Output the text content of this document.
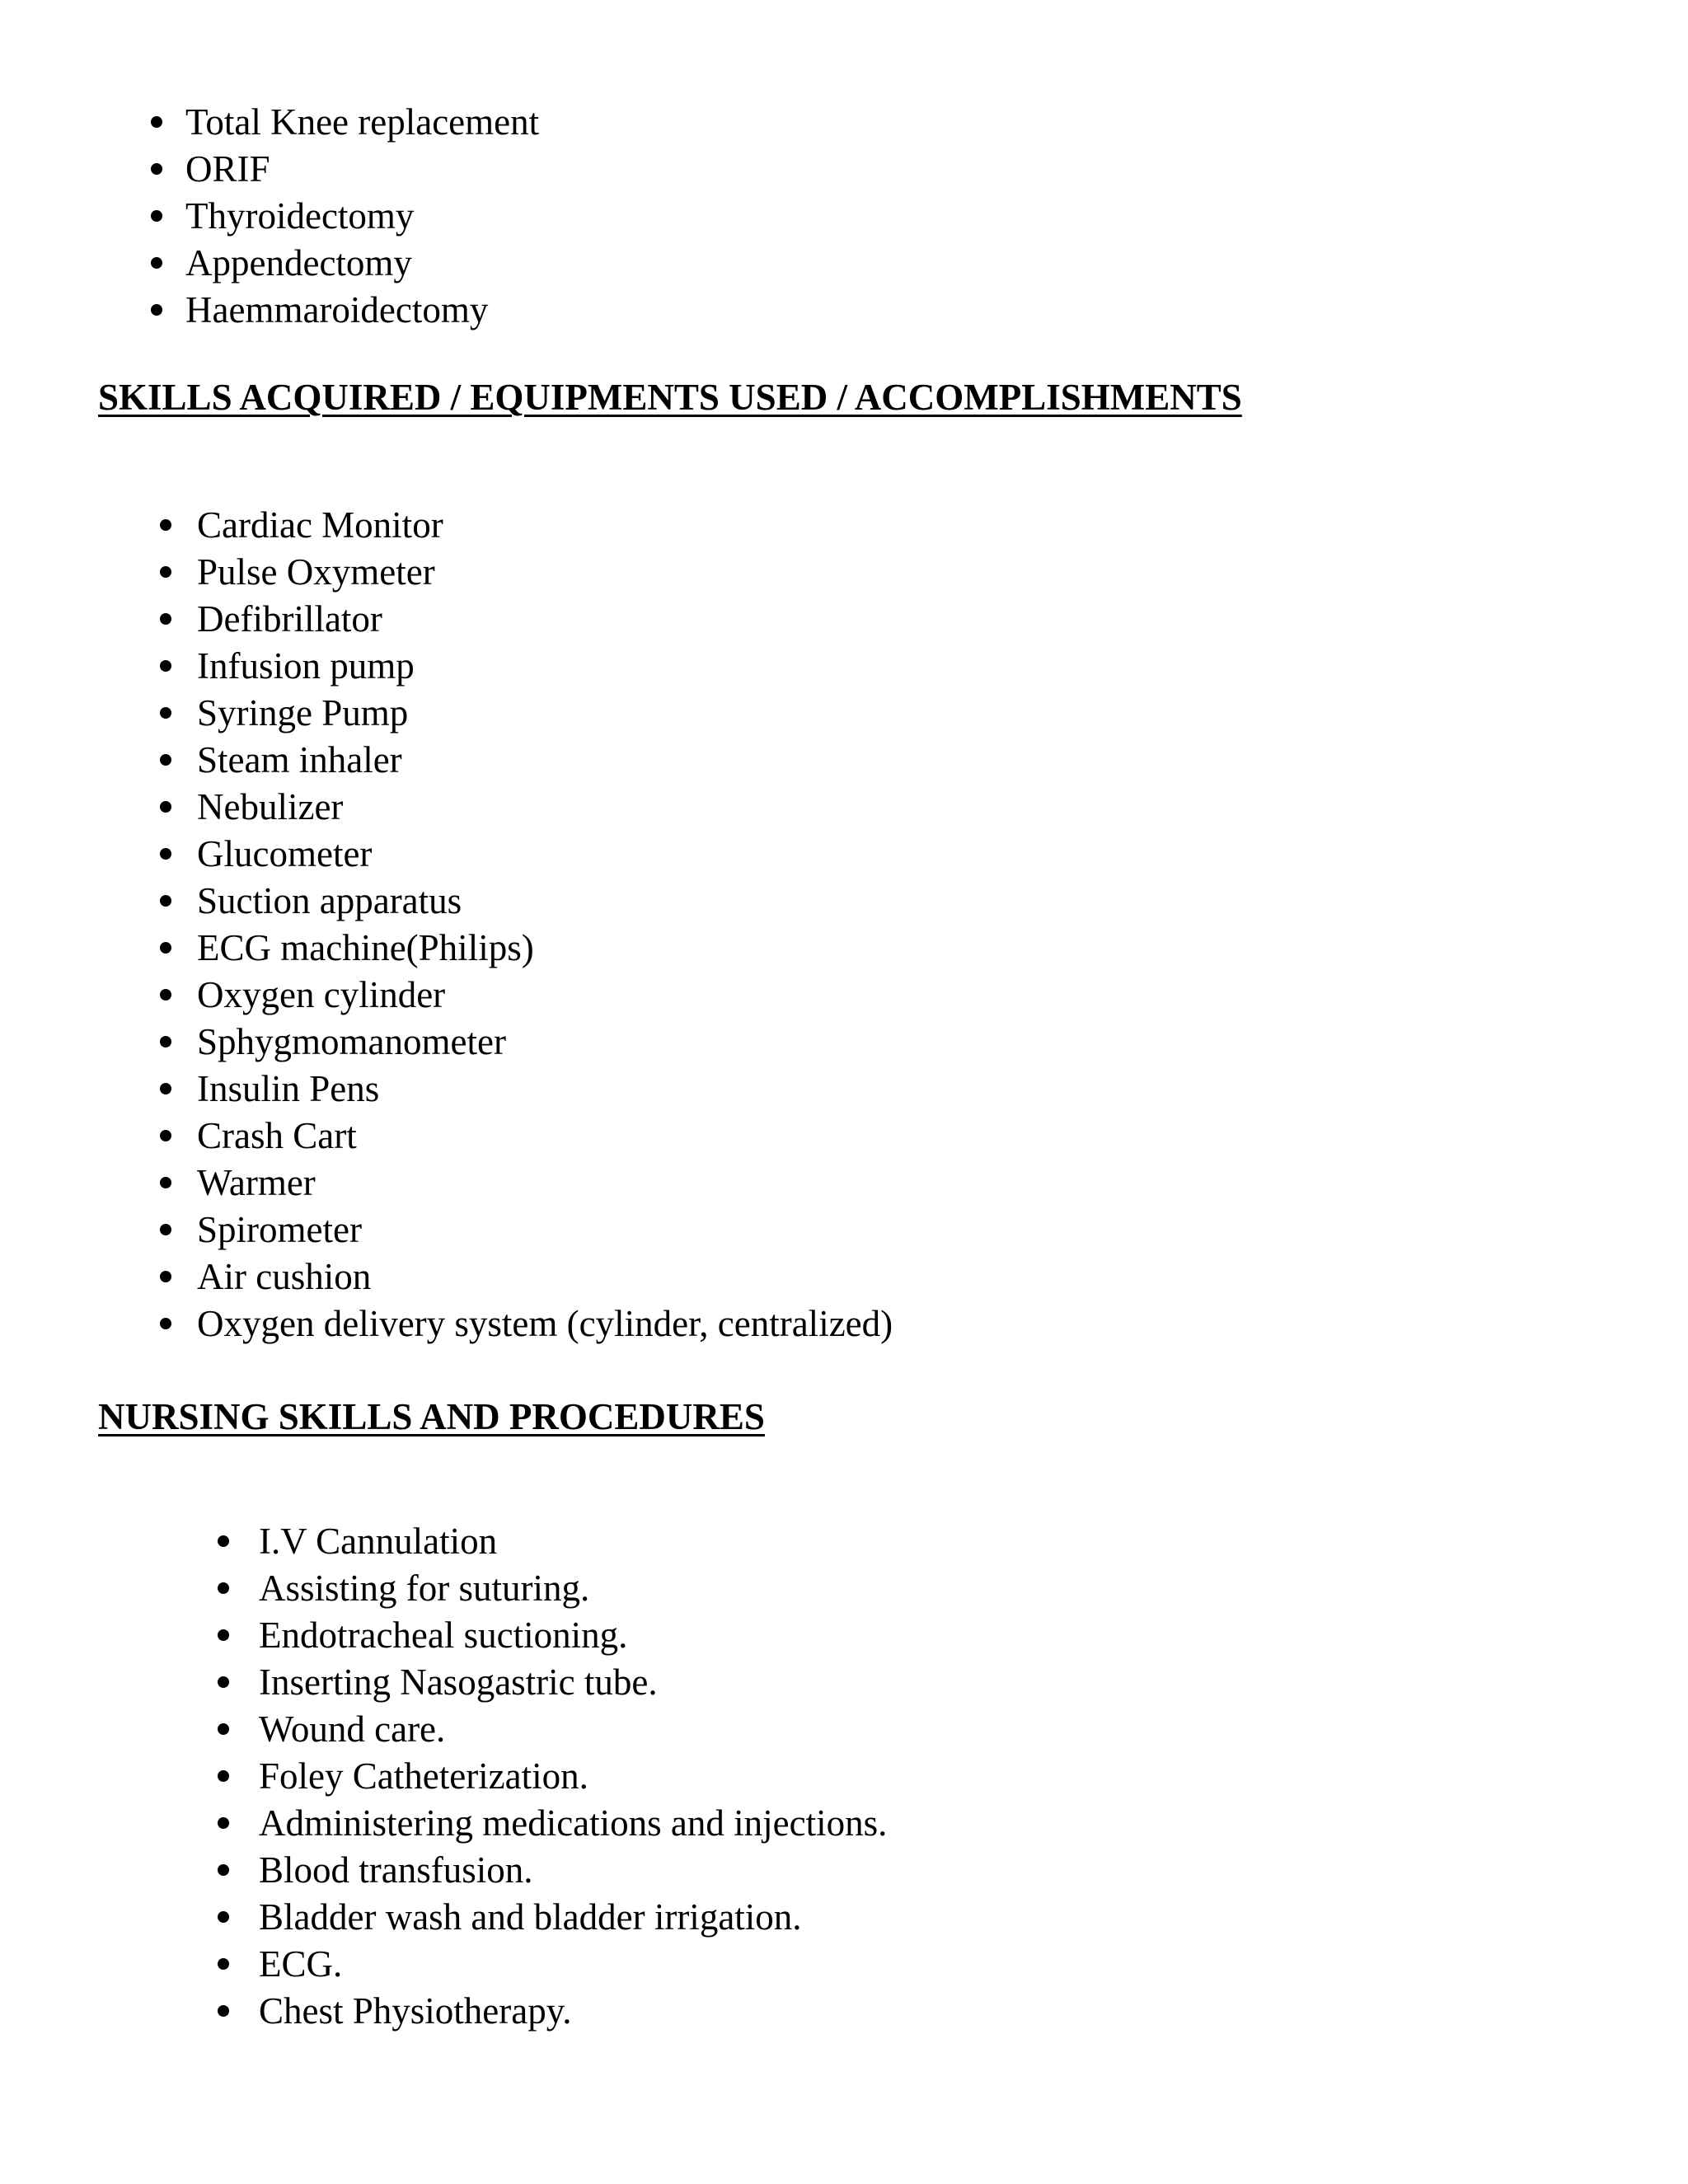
Total Knee replacement
ORIF
Thyroidectomy
Appendectomy
Haemmaroidectomy
SKILLS ACQUIRED / EQUIPMENTS USED / ACCOMPLISHMENTS
Cardiac Monitor
Pulse Oxymeter
Defibrillator
Infusion pump
Syringe Pump
Steam inhaler
Nebulizer
Glucometer
Suction apparatus
ECG machine(Philips)
Oxygen cylinder
Sphygmomanometer
Insulin Pens
Crash Cart
Warmer
Spirometer
Air cushion
Oxygen delivery system (cylinder, centralized)
NURSING SKILLS AND PROCEDURES
I.V Cannulation
Assisting for suturing.
Endotracheal suctioning.
Inserting Nasogastric tube.
Wound care.
Foley Catheterization.
Administering medications and injections.
Blood transfusion.
Bladder wash and bladder irrigation.
ECG.
Chest Physiotherapy.
